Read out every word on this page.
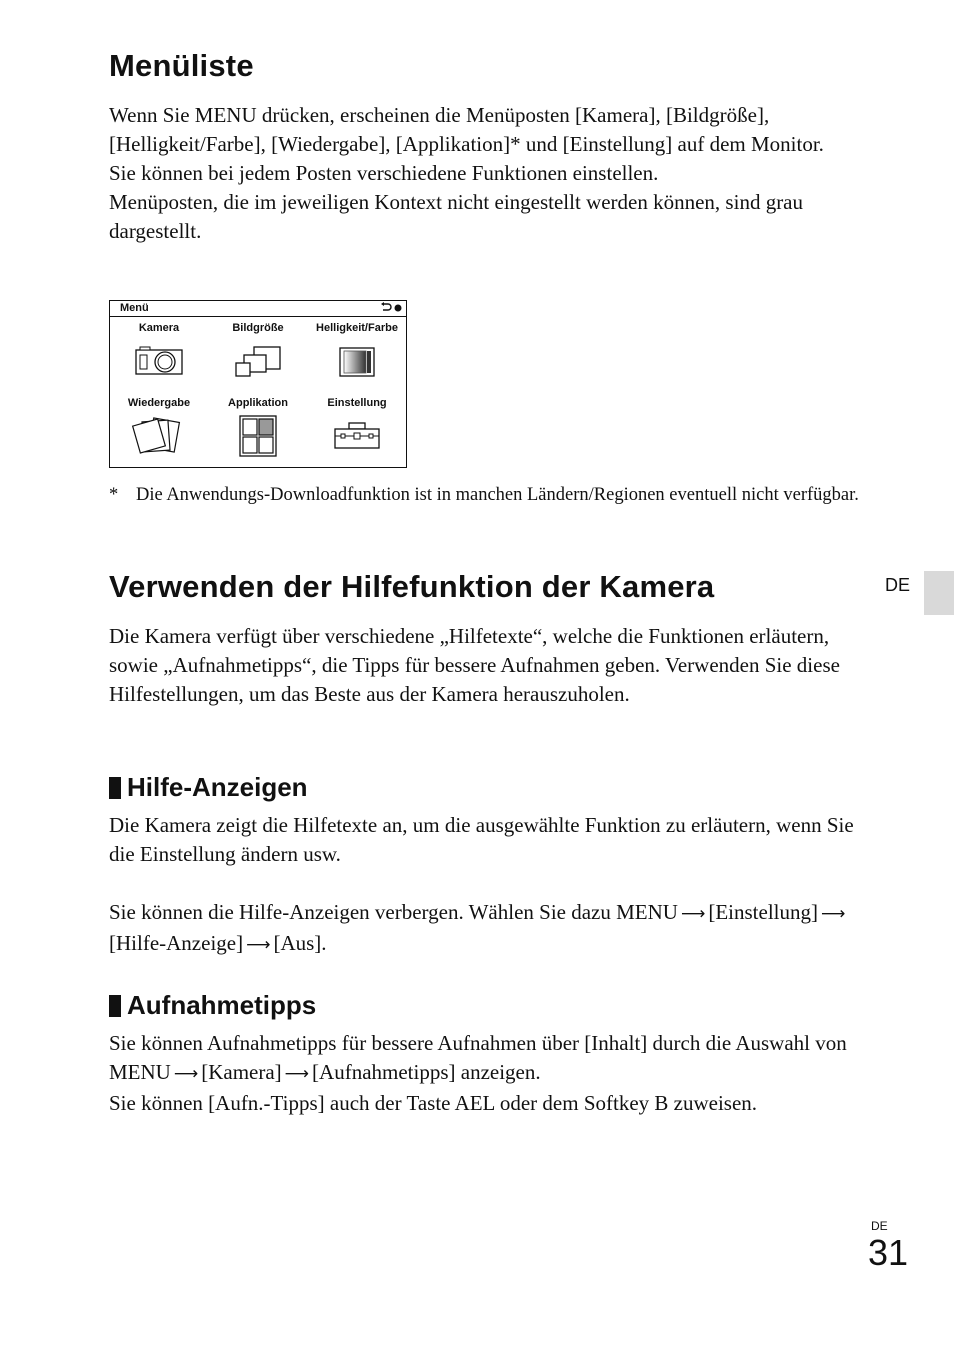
Menüliste

Wenn Sie MENU drücken, erscheinen die Menüposten [Kamera], [Bildgröße], [Helligkeit/Farbe], [Wiedergabe], [Applikation]* und [Einstellung] auf dem Monitor.

Sie können bei jedem Posten verschiedene Funktionen einstellen.

Menüposten, die im jeweiligen Kontext nicht eingestellt werden können, sind grau dargestellt.

Menü
Kamera	Bildgröße	Helligkeit/Farbe
Wiedergabe	Applikation	Einstellung
* Die Anwendungs-Downloadfunktion ist in manchen Ländern/Regionen eventuell nicht verfügbar.
Verwenden der Hilfefunktion der Kamera

Die Kamera verfügt über verschiedene „Hilfetexte“, welche die Funktionen erläutern, sowie „Aufnahmetipps“, die Tipps für bessere Aufnahmen geben. Verwenden Sie diese Hilfestellungen, um das Beste aus der Kamera herauszuholen.

Hilfe-Anzeigen

Die Kamera zeigt die Hilfetexte an, um die ausgewählte Funktion zu erläutern, wenn Sie die Einstellung ändern usw.

Sie können die Hilfe-Anzeigen verbergen. Wählen Sie dazu MENU ⟶ [Einstellung] ⟶[Hilfe-Anzeige] ⟶ [Aus].

Aufnahmetipps

Sie können Aufnahmetipps für bessere Aufnahmen über [Inhalt] durch die Auswahl von MENU ⟶ [Kamera] ⟶ [Aufnahmetipps] anzeigen.

Sie können [Aufn.-Tipps] auch der Taste AEL oder dem Softkey B zuweisen.

DE
DE
31
